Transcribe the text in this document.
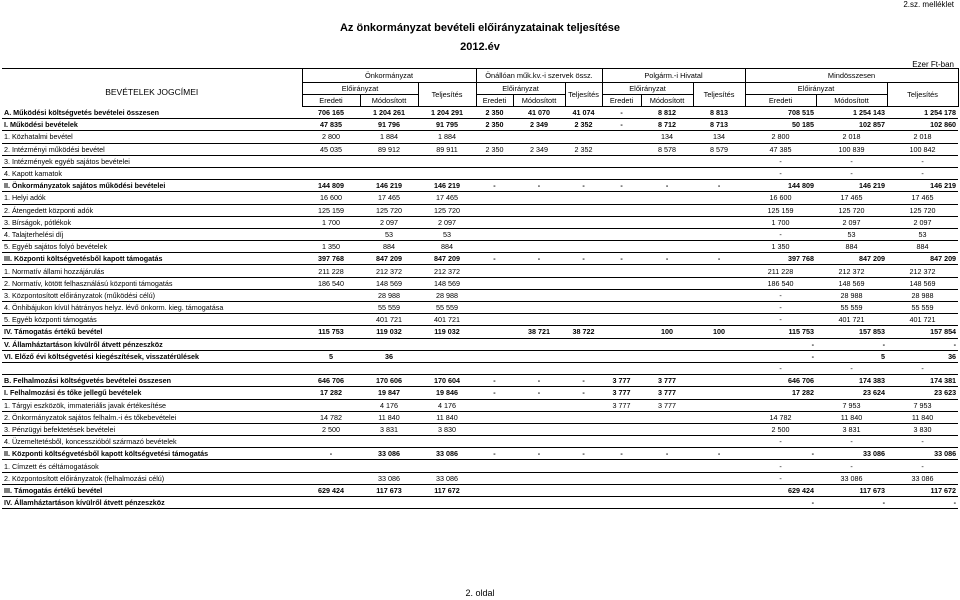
2.sz. melléklet
Az önkormányzat bevételi előirányzatainak teljesítése
2012.év
Ezer Ft-ban
BEVÉTELEK JOGCÍMEI	Önkormányzat			Önállóan műk.kv.-i szervek össz.			Polgárm.-i Hivatal			Mindösszesen		
	Előirányzat		Teljesítés	Előirányzat		Teljesítés	Előirányzat		Teljesítés	Előirányzat		Teljesítés
	Eredeti	Módosított		Eredeti	Módosított		Eredeti	Módosított		Eredeti	Módosított	
A. Működési költségvetés bevételei összesen	706 165	1 204 261	1 204 291	2 350	41 070	41 074	-	8 812	8 813	708 515	1 254 143	1 254 178
I. Működési bevételek	47 835	91 796	91 795	2 350	2 349	2 352	-	8 712	8 713	50 185	102 857	102 860
1. Közhatalmi bevétel	2 800	1 884	1 884					134	134	2 800	2 018	2 018
2. Intézményi működési bevétel	45 035	89 912	89 911	2 350	2 349	2 352		8 578	8 579	47 385	100 839	100 842
3. Intézmények egyéb sajátos bevételei										-	-	-
4. Kapott kamatok										-	-	-
II. Önkormányzatok sajátos működési bevételei	144 809	146 219	146 219	-	-	-	-	-	-	144 809	146 219	146 219
1. Helyi adók	16 600	17 465	17 465							16 600	17 465	17 465
2. Átengedett központi adók	125 159	125 720	125 720							125 159	125 720	125 720
3. Bírságok, pótlékok	1 700	2 097	2 097							1 700	2 097	2 097
4. Talajterhelési díj		53	53							-	53	53
5. Egyéb sajátos folyó bevételek	1 350	884	884							1 350	884	884
III. Központi költségvetésből kapott támogatás	397 768	847 209	847 209	-	-	-	-	-	-	397 768	847 209	847 209
1. Normatív állami hozzájárulás	211 228	212 372	212 372							211 228	212 372	212 372
2. Normatív, kötött felhasználású központi támogatás	186 540	148 569	148 569							186 540	148 569	148 569
3. Központosított előirányzatok (működési célú)		28 988	28 988							-	28 988	28 988
4. Önhibájukon kívül hátrányos helyz. lévő önkorm. kieg. támogatása		55 559	55 559							-	55 559	55 559
5. Egyéb központi támogatás		401 721	401 721							-	401 721	401 721
IV. Támogatás értékű bevétel	115 753	119 032	119 032		38 721	38 722		100	100	115 753	157 853	157 854
V. Államháztartáson kívülről átvett pénzeszköz										-	-	-
VI. Előző évi költségvetési kiegészítések, visszatérülések	5	36								-	5	36
										-	-	-
B. Felhalmozási költségvetés bevételei összesen	646 706	170 606	170 604	-	-	-	3 777	3 777		646 706	174 383	174 381
I. Felhalmozási és tőke jellegű bevételek	17 282	19 847	19 846	-	-	-	3 777	3 777		17 282	23 624	23 623
1. Tárgyi eszközök, immateriális javak értékesítése		4 176	4 176				3 777	3 777			7 953	7 953
2. Önkormányzatok sajátos felhalm.-i és tőkebevételei	14 782	11 840	11 840							14 782	11 840	11 840
3. Pénzügyi befektetések bevételei	2 500	3 831	3 830							2 500	3 831	3 830
4. Üzemeltetésből, koncesszióból származó bevételek										-	-	-
II. Központi költségvetésből kapott költségvetési támogatás	-	33 086	33 086	-	-	-	-	-	-	-	33 086	33 086
1. Címzett és céltámogatások										-	-	-
2. Központosított előirányzatok (felhalmozási célú)		33 086	33 086							-	33 086	33 086
III. Támogatás értékű bevétel	629 424	117 673	117 672							629 424	117 673	117 672
IV. Államháztartáson kívülről átvett pénzeszköz										-	-	-
2. oldal
